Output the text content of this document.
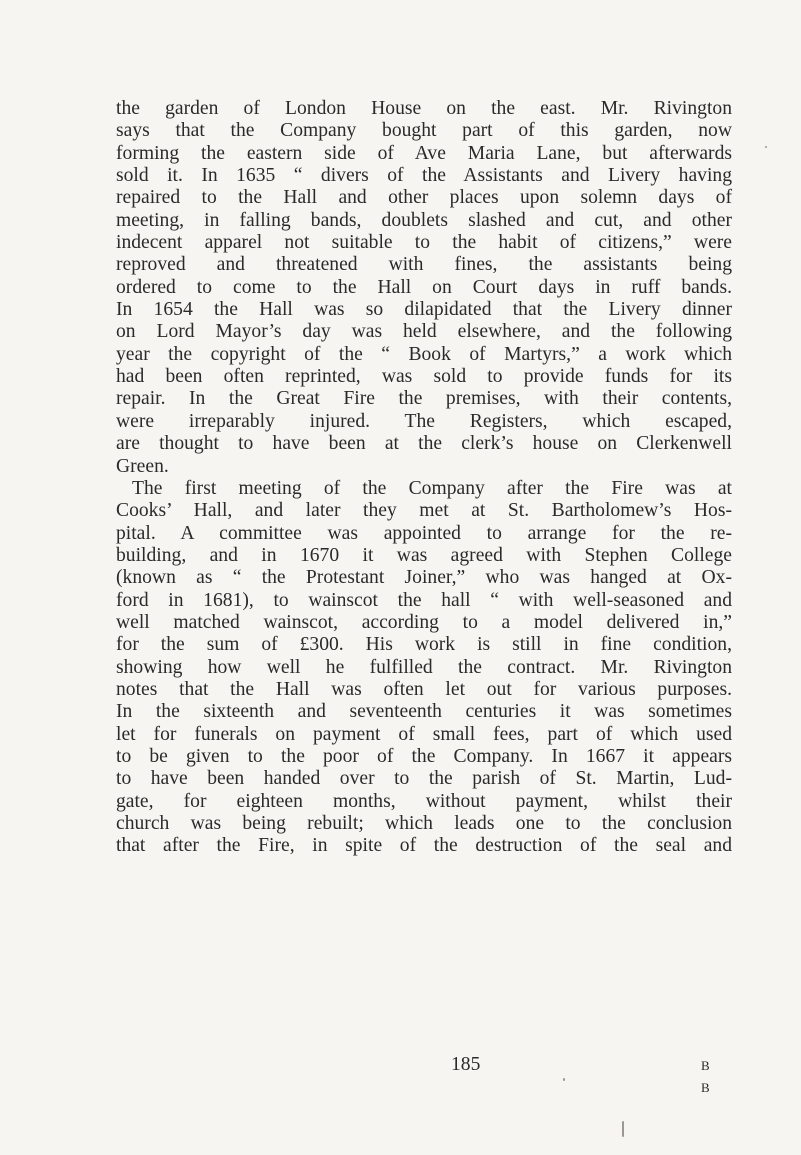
the garden of London House on the east. Mr. Rivington
says that the Company bought part of this garden, now
forming the eastern side of Ave Maria Lane, but afterwards
sold it. In 1635 “ divers of the Assistants and Livery having
repaired to the Hall and other places upon solemn days of
meeting, in falling bands, doublets slashed and cut, and other
indecent apparel not suitable to the habit of citizens,” were
reproved and threatened with fines, the assistants being
ordered to come to the Hall on Court days in ruff bands.
In 1654 the Hall was so dilapidated that the Livery dinner
on Lord Mayor’s day was held elsewhere, and the following
year the copyright of the “ Book of Martyrs,” a work which
had been often reprinted, was sold to provide funds for its
repair. In the Great Fire the premises, with their contents,
were irreparably injured. The Registers, which escaped,
are thought to have been at the clerk’s house on Clerkenwell
Green.
The first meeting of the Company after the Fire was at
Cooks’ Hall, and later they met at St. Bartholomew’s Hos-
pital. A committee was appointed to arrange for the re-
building, and in 1670 it was agreed with Stephen College
(known as “ the Protestant Joiner,” who was hanged at Ox-
ford in 1681), to wainscot the hall “ with well-seasoned and
well matched wainscot, according to a model delivered in,”
for the sum of £300. His work is still in fine condition,
showing how well he fulfilled the contract. Mr. Rivington
notes that the Hall was often let out for various purposes.
In the sixteenth and seventeenth centuries it was sometimes
let for funerals on payment of small fees, part of which used
to be given to the poor of the Company. In 1667 it appears
to have been handed over to the parish of St. Martin, Lud-
gate, for eighteen months, without payment, whilst their
church was being rebuilt; which leads one to the conclusion
that after the Fire, in spite of the destruction of the seal and
185	B B
